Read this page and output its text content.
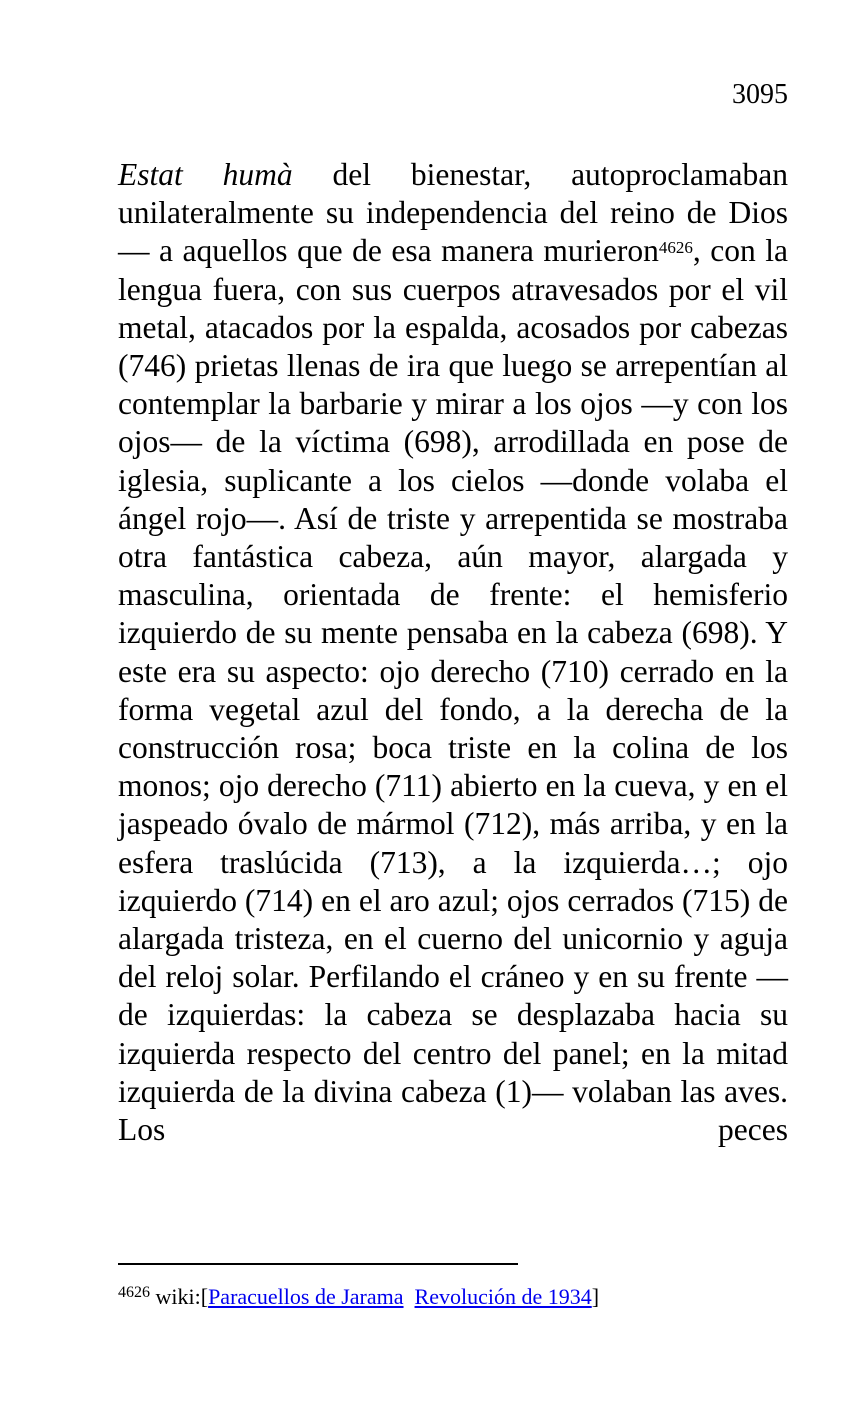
3095

Estat humà del bienestar, autoproclamaban unilateralmente su independencia del reino de Dios— a aquellos que de esa manera murieron$^{4626}$, con la lengua fuera, con sus cuerpos atravesados por el vil metal, atacados por la espalda, acosados por cabezas (746) prietas llenas de ira que luego se arrepentían al contemplar la barbarie y mirar a los ojos —y con los ojos— de la víctima (698), arrodillada en pose de iglesia, suplicante a los cielos —donde volaba el ángel rojo—. Así de triste y arrepentida se mostraba otra fantástica cabeza, aún mayor, alargada y masculina, orientada de frente: el hemisferio izquierdo de su mente pensaba en la cabeza (698). Y este era su aspecto: ojo derecho (710) cerrado en la forma vegetal azul del fondo, a la derecha de la construcción rosa; boca triste en la colina de los monos; ojo derecho (711) abierto en la cueva, y en el jaspeado óvalo de mármol (712), más arriba, y en la esfera traslúcida (713), a la izquierda…; ojo izquierdo (714) en el aro azul; ojos cerrados (715) de alargada tristeza, en el cuerno del unicornio y aguja del reloj solar. Perfilando el cráneo y en su frente —de izquierdas: la cabeza se desplazaba hacia su izquierda respecto del centro del panel; en la mitad izquierda de la divina cabeza (1)— volaban las aves. Los peces

$^{4626}$ wiki:[Paracuellos de Jarama Revolución de 1934]
